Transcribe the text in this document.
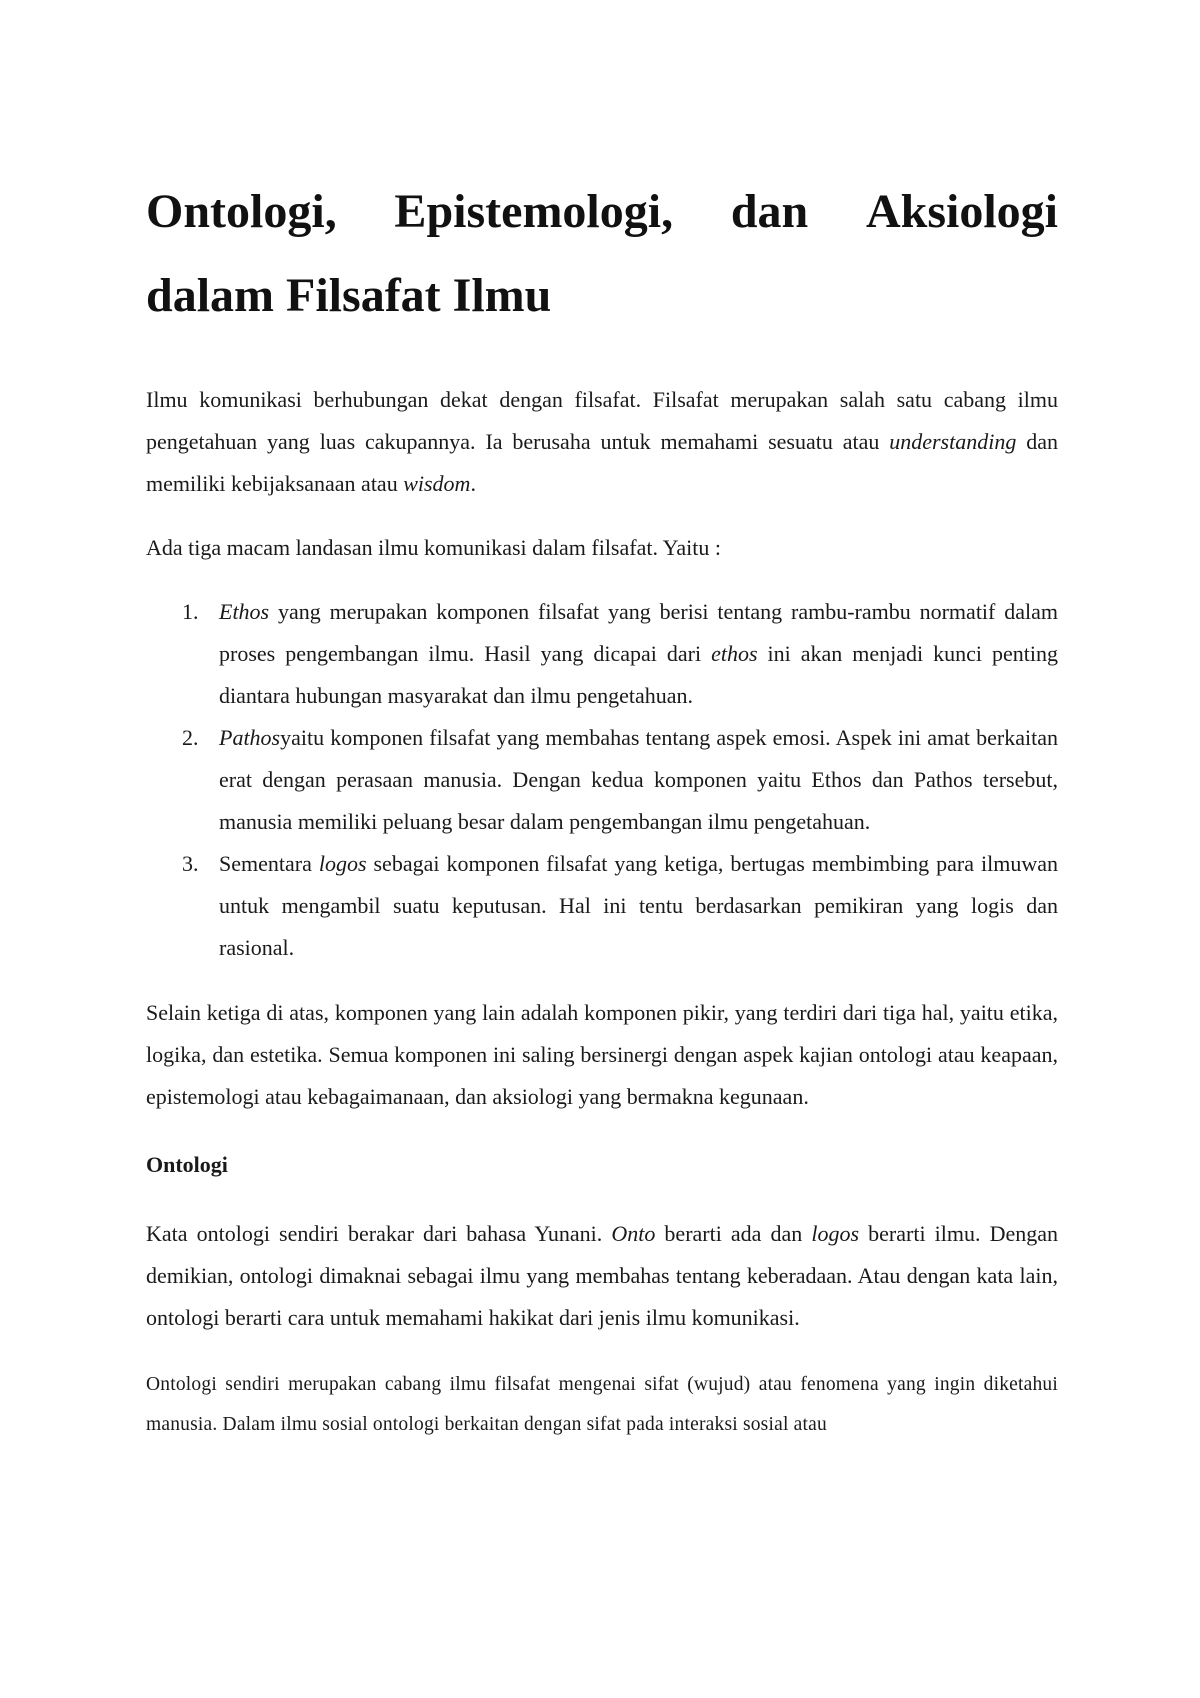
Ontologi, Epistemologi, dan Aksiologi
dalam Filsafat Ilmu

Ilmu komunikasi berhubungan dekat dengan filsafat. Filsafat merupakan salah satu cabang ilmu pengetahuan yang luas cakupannya. Ia berusaha untuk memahami sesuatu atau understanding dan memiliki kebijaksanaan atau wisdom.

Ada tiga macam landasan ilmu komunikasi dalam filsafat. Yaitu :

1. Ethos yang merupakan komponen filsafat yang berisi tentang rambu-rambu normatif dalam proses pengembangan ilmu. Hasil yang dicapai dari ethos ini akan menjadi kunci penting diantara hubungan masyarakat dan ilmu pengetahuan.
2. Pathosyaitu komponen filsafat yang membahas tentang aspek emosi. Aspek ini amat berkaitan erat dengan perasaan manusia. Dengan kedua komponen yaitu Ethos dan Pathos tersebut, manusia memiliki peluang besar dalam pengembangan ilmu pengetahuan.
3. Sementara logos sebagai komponen filsafat yang ketiga, bertugas membimbing para ilmuwan untuk mengambil suatu keputusan. Hal ini tentu berdasarkan pemikiran yang logis dan rasional.

Selain ketiga di atas, komponen yang lain adalah komponen pikir, yang terdiri dari tiga hal, yaitu etika, logika, dan estetika. Semua komponen ini saling bersinergi dengan aspek kajian ontologi atau keapaan, epistemologi atau kebagaimanaan, dan aksiologi yang bermakna kegunaan.

Ontologi

Kata ontologi sendiri berakar dari bahasa Yunani. Onto berarti ada dan logos berarti ilmu. Dengan demikian, ontologi dimaknai sebagai ilmu yang membahas tentang keberadaan. Atau dengan kata lain, ontologi berarti cara untuk memahami hakikat dari jenis ilmu komunikasi.

Ontologi sendiri merupakan cabang ilmu filsafat mengenai sifat (wujud) atau fenomena yang ingin diketahui manusia. Dalam ilmu sosial ontologi berkaitan dengan sifat pada interaksi sosial atau
